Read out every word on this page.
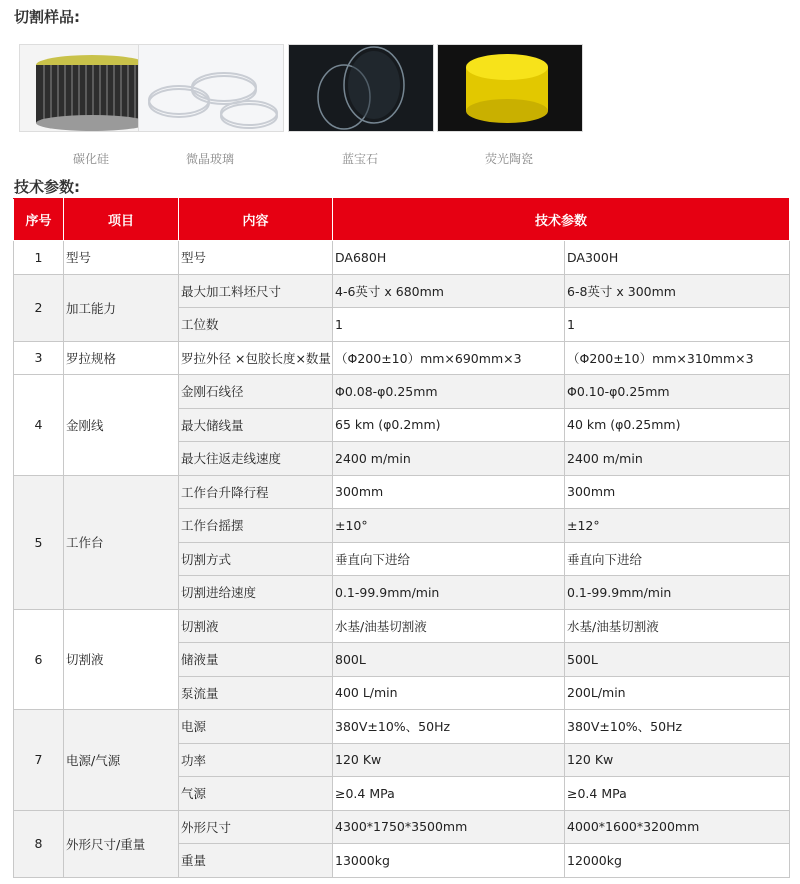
切割样品:
碳化硅	微晶玻璃	蓝宝石	荧光陶瓷
技术参数:
序号	项目	内容	技术参数	
1	型号	型号	DA680H	DA300H
2	加工能力	最大加工料坯尺寸	4-6英寸 x 680mm	6-8英寸 x 300mm
		工位数	1	1
3	罗拉规格	罗拉外径 ×包胶长度×数量	（Φ200±10）mm×690mm×3	（Φ200±10）mm×310mm×3
4	金刚线	金刚石线径	Φ0.08-φ0.25mm	Φ0.10-φ0.25mm
		最大储线量	65 km (φ0.2mm)	40 km (φ0.25mm)
		最大往返走线速度	2400 m/min	2400 m/min
5	工作台	工作台升降行程	300mm	300mm
		工作台摇摆	±10°	±12°
		切割方式	垂直向下进给	垂直向下进给
		切割进给速度	0.1-99.9mm/min	0.1-99.9mm/min
6	切割液	切割液	水基/油基切割液	水基/油基切割液
		储液量	800L	500L
		泵流量	400 L/min	200L/min
7	电源/气源	电源	380V±10%、50Hz	380V±10%、50Hz
		功率	120 Kw	120 Kw
		气源	≥0.4 MPa	≥0.4 MPa
8	外形尺寸/重量	外形尺寸	4300*1750*3500mm	4000*1600*3200mm
		重量	13000kg	12000kg
